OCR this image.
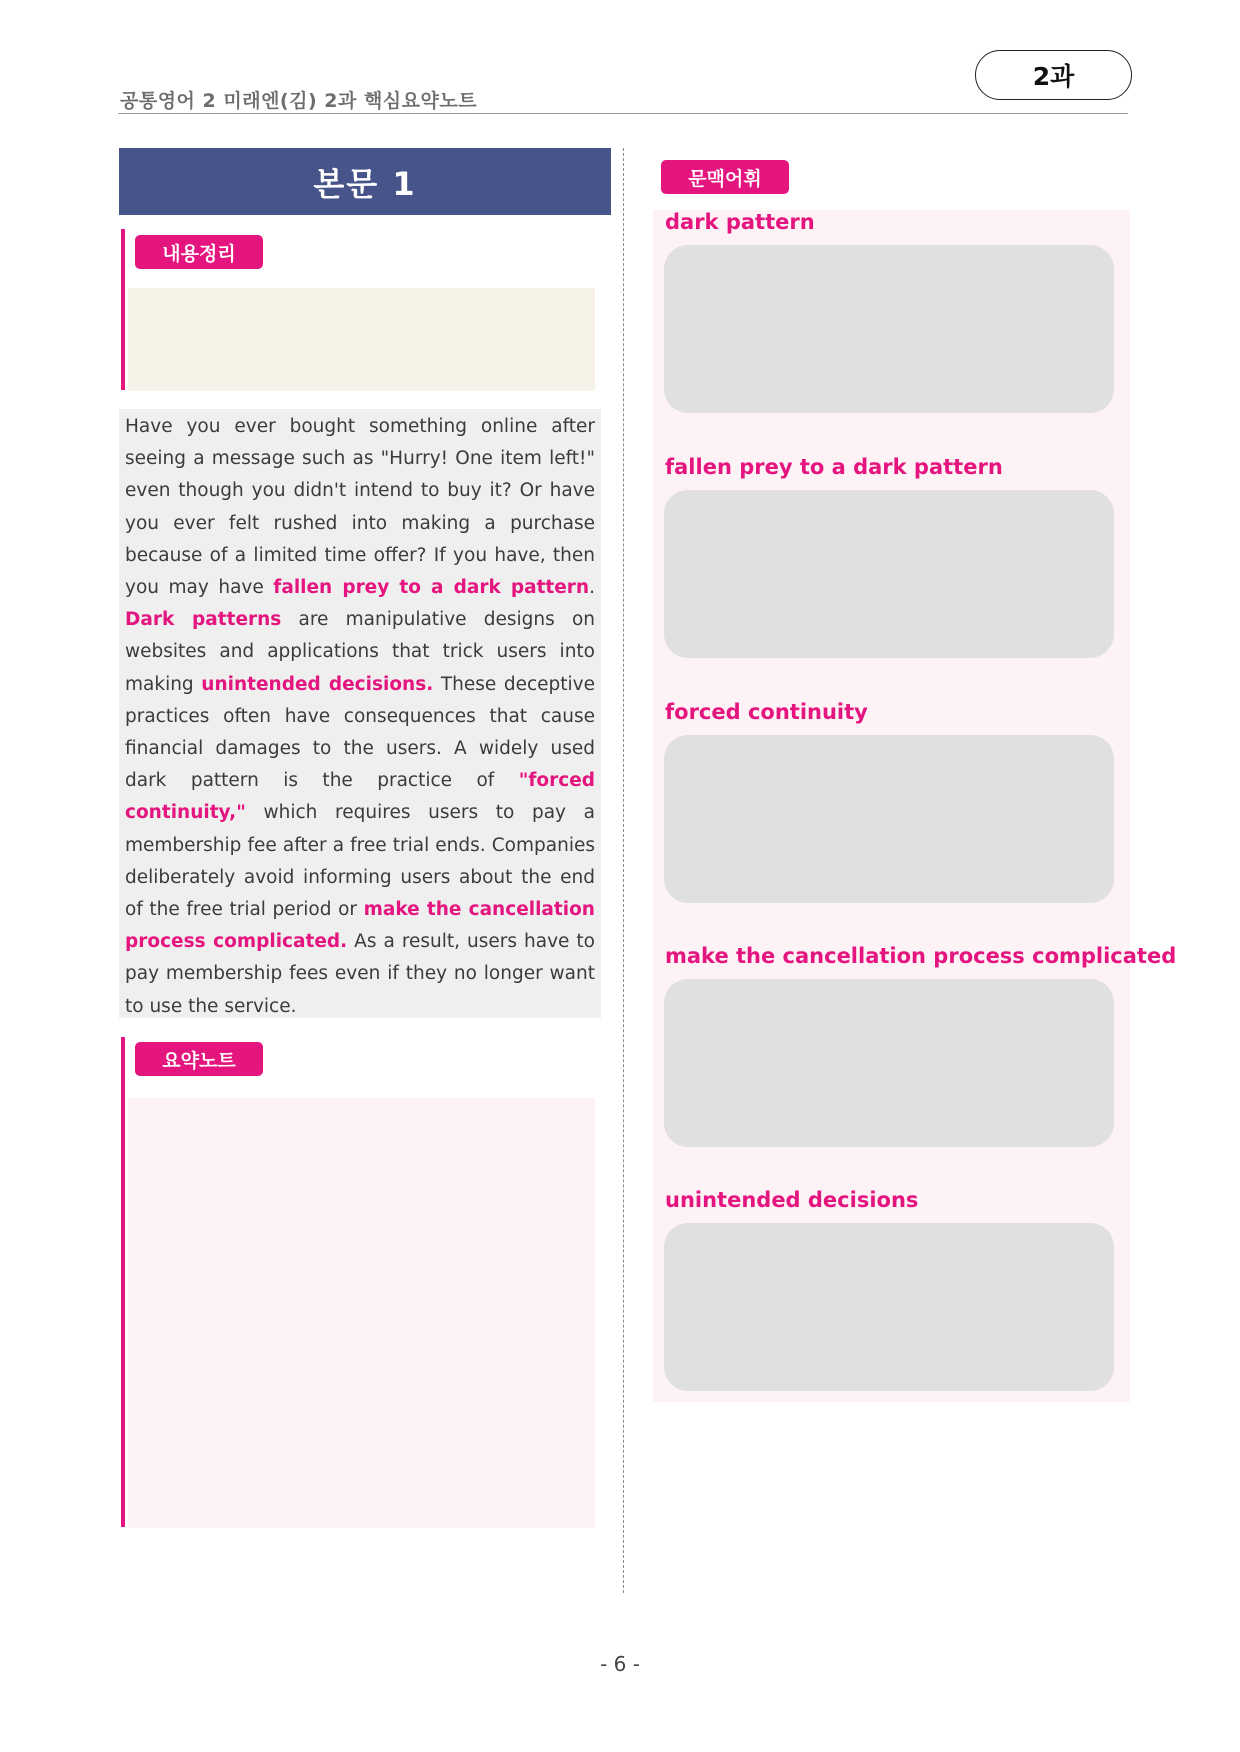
공통영어 2 미래엔(김) 2과 핵심요약노트
2과
본문 1
내용정리
Have you ever bought something online after seeing a message such as "Hurry! One item left!" even though you didn't intend to buy it? Or have you ever felt rushed into making a purchase because of a limited time offer? If you have, then you may have fallen prey to a dark pattern. Dark patterns are manipulative designs on websites and applications that trick users into making unintended decisions. These deceptive practices often have consequences that cause financial damages to the users. A widely used dark pattern is the practice of "forced continuity," which requires users to pay a membership fee after a free trial ends. Companies deliberately avoid informing users about the end of the free trial period or make the cancellation process complicated. As a result, users have to pay membership fees even if they no longer want to use the service.
요약노트
문맥어휘
dark pattern
fallen prey to a dark pattern
forced continuity
make the cancellation process complicated
unintended decisions
- 6 -
